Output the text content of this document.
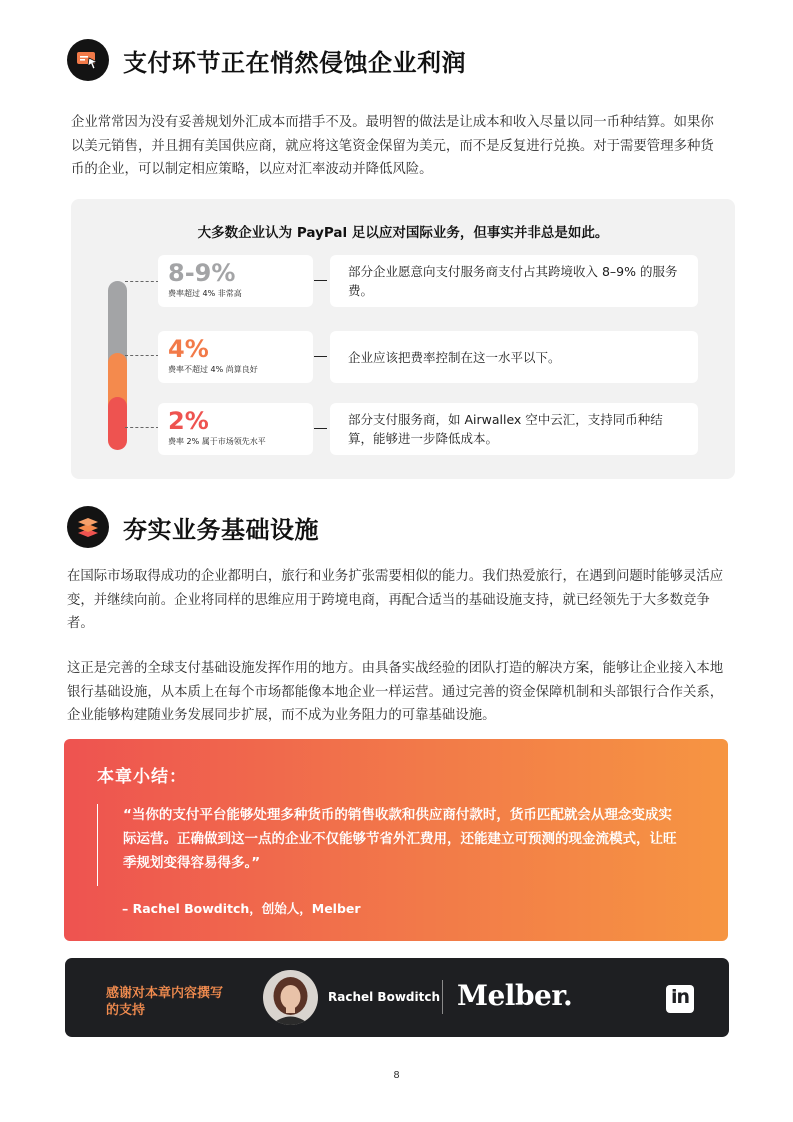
支付环节正在悄然侵蚀企业利润
企业常常因为没有妥善规划外汇成本而措手不及。最明智的做法是让成本和收入尽量以同一币种结算。如果你以美元销售，并且拥有美国供应商，就应将这笔资金保留为美元，而不是反复进行兑换。对于需要管理多种货币的企业，可以制定相应策略，以应对汇率波动并降低风险。
大多数企业认为 PayPal 足以应对国际业务，但事实并非总是如此。
8-9%
费率超过 4% 非常高
部分企业愿意向支付服务商支付占其跨境收入 8–9% 的服务费。
4%
费率不超过 4% 尚算良好
企业应该把费率控制在这一水平以下。
2%
费率 2% 属于市场领先水平
部分支付服务商，如 Airwallex 空中云汇，支持同币种结算，能够进一步降低成本。
夯实业务基础设施
在国际市场取得成功的企业都明白，旅行和业务扩张需要相似的能力。我们热爱旅行，在遇到问题时能够灵活应变，并继续向前。企业将同样的思维应用于跨境电商，再配合适当的基础设施支持，就已经领先于大多数竞争者。
这正是完善的全球支付基础设施发挥作用的地方。由具备实战经验的团队打造的解决方案，能够让企业接入本地银行基础设施，从本质上在每个市场都能像本地企业一样运营。通过完善的资金保障机制和头部银行合作关系，企业能够构建随业务发展同步扩展，而不成为业务阻力的可靠基础设施。
本章小结：
“当你的支付平台能够处理多种货币的销售收款和供应商付款时，货币匹配就会从理念变成实际运营。正确做到这一点的企业不仅能够节省外汇费用，还能建立可预测的现金流模式，让旺季规划变得容易得多。”
– Rachel Bowditch，创始人，Melber
感谢对本章内容撰写的支持
Rachel Bowditch Melber.	in
8
